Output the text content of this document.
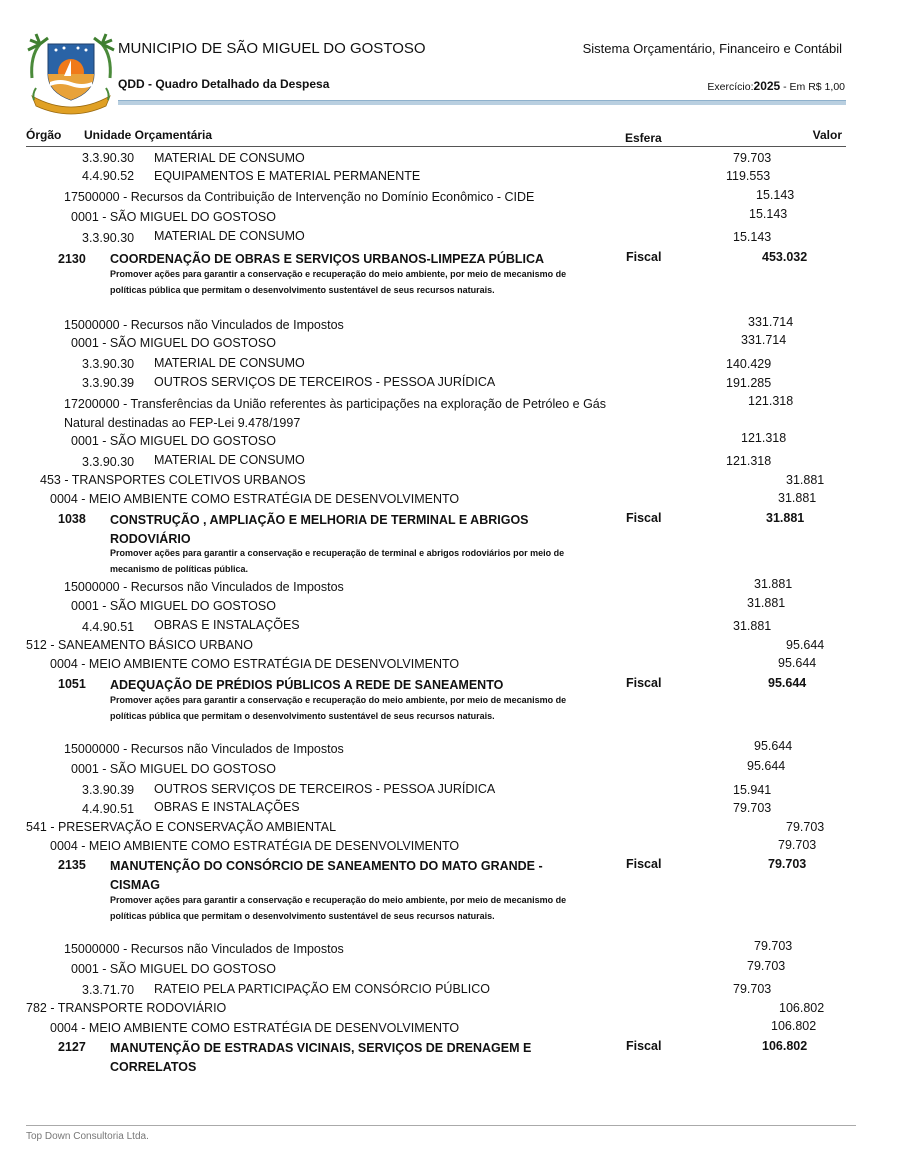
MUNICIPIO DE SÃO MIGUEL DO GOSTOSO	Sistema Orçamentário, Financeiro e Contábil
QDD - Quadro Detalhado da Despesa	Exercício:2025 - Em R$ 1,00
Órgão Unidade Orçamentária	Esfera	Valor
3.3.90.30 MATERIAL DE CONSUMO	79.703
4.4.90.52 EQUIPAMENTOS E MATERIAL PERMANENTE	119.553
17500000 - Recursos da Contribuição de Intervenção no Domínio Econômico - CIDE	15.143
0001 - SÃO MIGUEL DO GOSTOSO	15.143
3.3.90.30 MATERIAL DE CONSUMO	15.143
2130 COORDENAÇÃO DE OBRAS E SERVIÇOS URBANOS-LIMPEZA PÚBLICA	Fiscal	453.032
Promover ações para garantir a conservação e recuperação do meio ambiente, por meio de mecanismo de políticas pública que permitam o desenvolvimento sustentável de seus recursos naturais.
15000000 - Recursos não Vinculados de Impostos	331.714
0001 - SÃO MIGUEL DO GOSTOSO	331.714
3.3.90.30 MATERIAL DE CONSUMO	140.429
3.3.90.39 OUTROS SERVIÇOS DE TERCEIROS - PESSOA JURÍDICA	191.285
17200000 - Transferências da União referentes às participações na exploração de Petróleo e Gás Natural destinadas ao FEP-Lei 9.478/1997
121.318
0001 - SÃO MIGUEL DO GOSTOSO	121.318
3.3.90.30 MATERIAL DE CONSUMO	121.318
453 - TRANSPORTES COLETIVOS URBANOS	31.881
0004 - MEIO AMBIENTE COMO ESTRATÉGIA DE DESENVOLVIMENTO	31.881
1038 CONSTRUÇÃO , AMPLIAÇÃO E MELHORIA DE TERMINAL E ABRIGOS RODOVIÁRIO
Fiscal	31.881
Promover ações para garantir a conservação e recuperação de terminal e abrigos rodoviários por meio de mecanismo de políticas pública.
15000000 - Recursos não Vinculados de Impostos	31.881
0001 - SÃO MIGUEL DO GOSTOSO	31.881
4.4.90.51 OBRAS E INSTALAÇÕES	31.881
512 - SANEAMENTO BÁSICO URBANO	95.644
0004 - MEIO AMBIENTE COMO ESTRATÉGIA DE DESENVOLVIMENTO	95.644
1051 ADEQUAÇÃO DE PRÉDIOS PÚBLICOS A REDE DE SANEAMENTO	Fiscal	95.644
Promover ações para garantir a conservação e recuperação do meio ambiente, por meio de mecanismo de políticas pública que permitam o desenvolvimento sustentável de seus recursos naturais.
15000000 - Recursos não Vinculados de Impostos	95.644
0001 - SÃO MIGUEL DO GOSTOSO	95.644
3.3.90.39 OUTROS SERVIÇOS DE TERCEIROS - PESSOA JURÍDICA	15.941
4.4.90.51 OBRAS E INSTALAÇÕES	79.703
541 - PRESERVAÇÃO E CONSERVAÇÃO AMBIENTAL	79.703
0004 - MEIO AMBIENTE COMO ESTRATÉGIA DE DESENVOLVIMENTO	79.703
2135 MANUTENÇÃO DO CONSÓRCIO DE SANEAMENTO DO MATO GRANDE - CISMAG
Fiscal	79.703
Promover ações para garantir a conservação e recuperação do meio ambiente, por meio de mecanismo de políticas pública que permitam o desenvolvimento sustentável de seus recursos naturais.
15000000 - Recursos não Vinculados de Impostos	79.703
0001 - SÃO MIGUEL DO GOSTOSO	79.703
3.3.71.70 RATEIO PELA PARTICIPAÇÃO EM CONSÓRCIO PÚBLICO	79.703
782 - TRANSPORTE RODOVIÁRIO	106.802
0004 - MEIO AMBIENTE COMO ESTRATÉGIA DE DESENVOLVIMENTO	106.802
2127 MANUTENÇÃO DE ESTRADAS VICINAIS, SERVIÇOS DE DRENAGEM E CORRELATOS
Fiscal	106.802
Top Down Consultoria Ltda.
